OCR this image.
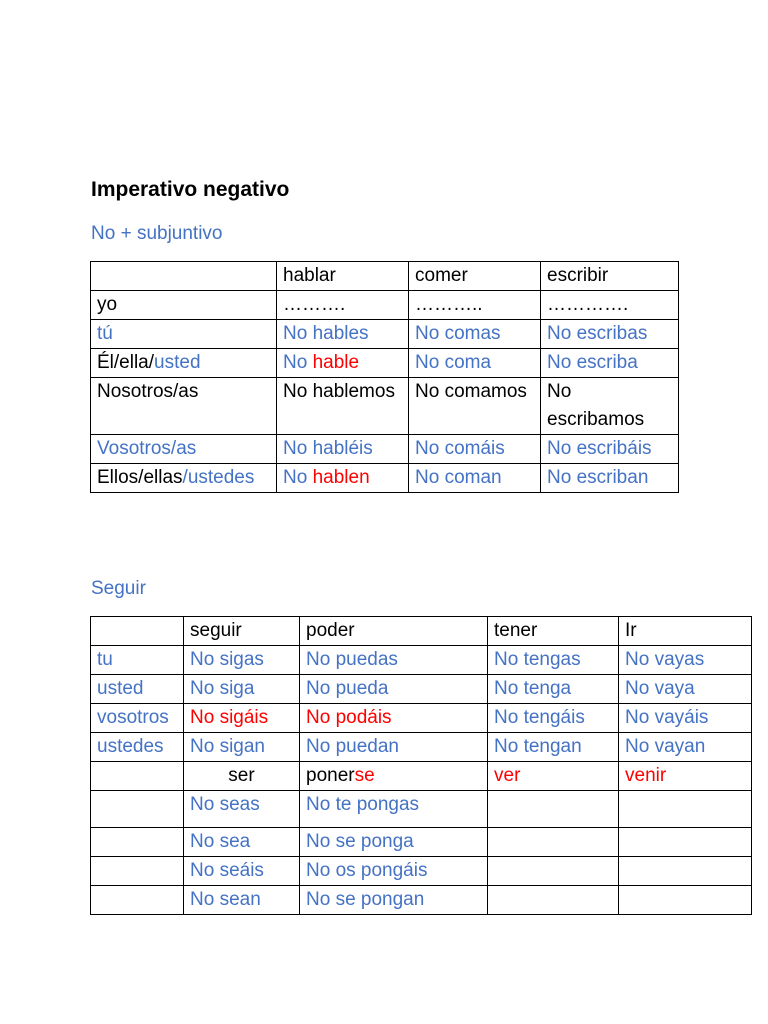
Imperativo negativo

No + subjuntivo

	hablar	comer	escribir
yo	……….	………..	………….
tú	No hables	No comas	No escribas
Él/ella/usted	No hable	No coma	No escriba
Nosotros/as	No hablemos	No comamos	No escribamos
Vosotros/as	No habléis	No comáis	No escribáis
Ellos/ellas/ustedes	No hablen	No coman	No escriban

Seguir

	seguir	poder	tener	Ir
tu	No sigas	No puedas	No tengas	No vayas
usted	No siga	No pueda	No tenga	No vaya
vosotros	No sigáis	No podáis	No tengáis	No vayáis
ustedes	No sigan	No puedan	No tengan	No vayan
	ser	ponerse	ver	venir
	No seas	No te pongas		
	No sea	No se ponga		
	No seáis	No os pongáis		
	No sean	No se pongan		
